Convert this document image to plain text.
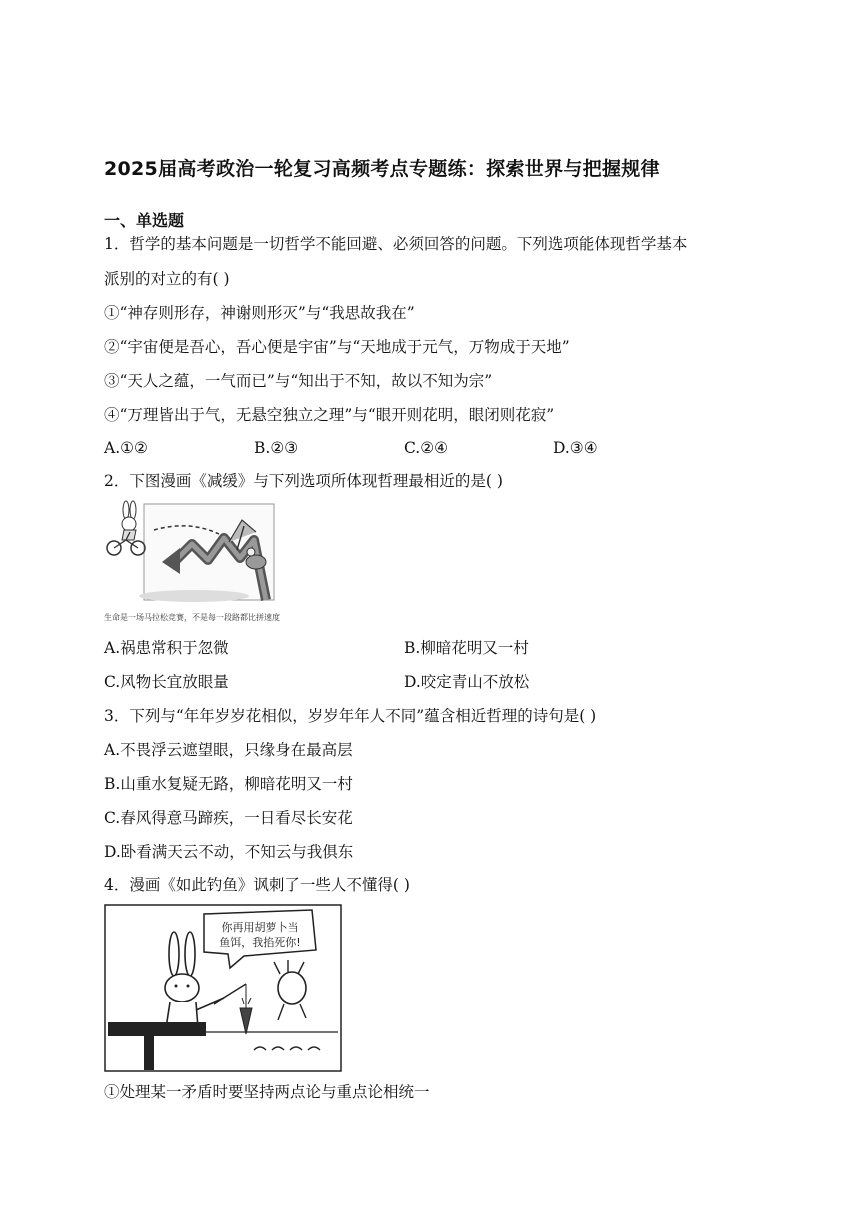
2025届高考政治一轮复习高频考点专题练：探索世界与把握规律
一、单选题
1．哲学的基本问题是一切哲学不能回避、必须回答的问题。下列选项能体现哲学基本
派别的对立的有( )
①“神存则形存，神谢则形灭”与“我思故我在”
②“宇宙便是吾心，吾心便是宇宙”与“天地成于元气，万物成于天地”
③“天人之蕴，一气而已”与“知出于不知，故以不知为宗”
④“万理皆出于气，无悬空独立之理”与“眼开则花明，眼闭则花寂”
A.①②	B.②③	C.②④	D.③④
2．下图漫画《减缓》与下列选项所体现哲理最相近的是( )
生命是一场马拉松竞赛，不是每一段路都比拼速度
A.祸患常积于忽微	B.柳暗花明又一村
C.风物长宜放眼量	D.咬定青山不放松
3．下列与“年年岁岁花相似，岁岁年年人不同”蕴含相近哲理的诗句是( )
A.不畏浮云遮望眼，只缘身在最高层
B.山重水复疑无路，柳暗花明又一村
C.春风得意马蹄疾，一日看尽长安花
D.卧看满天云不动，不知云与我俱东
4．漫画《如此钓鱼》讽刺了一些人不懂得( )
你再用胡萝卜当
鱼饵，我掐死你!
①处理某一矛盾时要坚持两点论与重点论相统一
